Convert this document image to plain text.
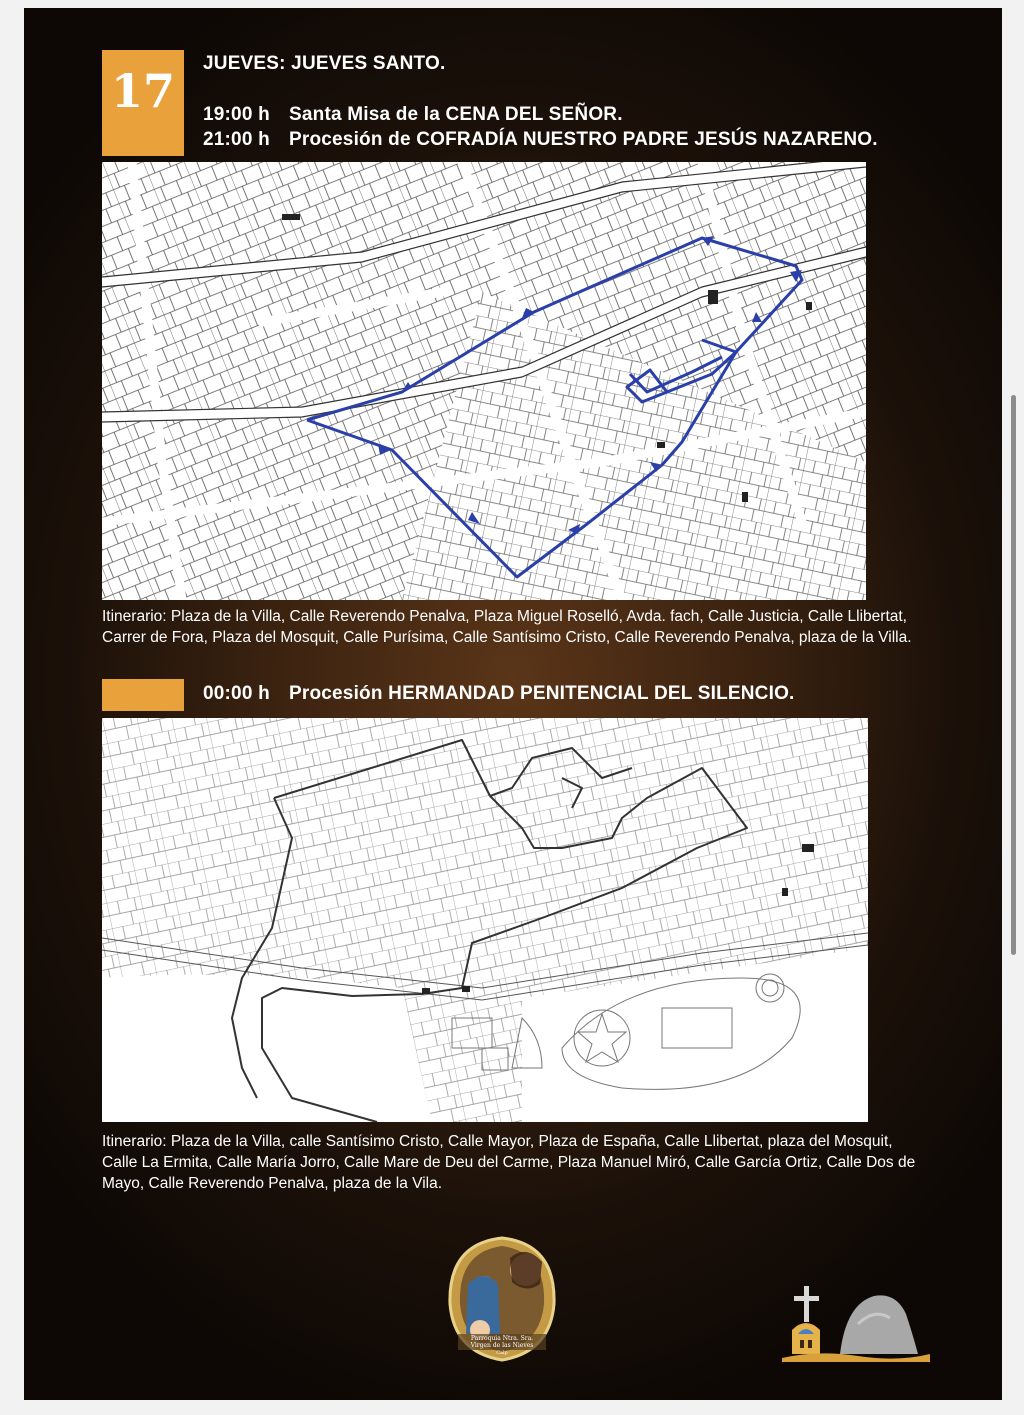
17
JUEVES: JUEVES SANTO.
19:00 h Santa Misa de la CENA DEL SEÑOR.
21:00 h Procesión de COFRADÍA NUESTRO PADRE JESÚS NAZARENO.
Itinerario: Plaza de la Villa, Calle Reverendo Penalva, Plaza Miguel Roselló, Avda. fach, Calle Justicia, Calle Llibertat, Carrer de Fora, Plaza del Mosquit, Calle Purísima, Calle Santísimo Cristo, Calle Reverendo Penalva, plaza de la Villa.
00:00 h Procesión HERMANDAD PENITENCIAL DEL SILENCIO.
Itinerario: Plaza de la Villa, calle Santísimo Cristo, Calle Mayor, Plaza de España, Calle Llibertat, plaza del Mosquit, Calle La Ermita, Calle María Jorro, Calle Mare de Deu del Carme, Plaza Manuel Miró, Calle García Ortiz, Calle Dos de Mayo, Calle Reverendo Penalva, plaza de la Vila.
Parroquia Ntra. Sra.
Virgen de las Nieves
Calp
